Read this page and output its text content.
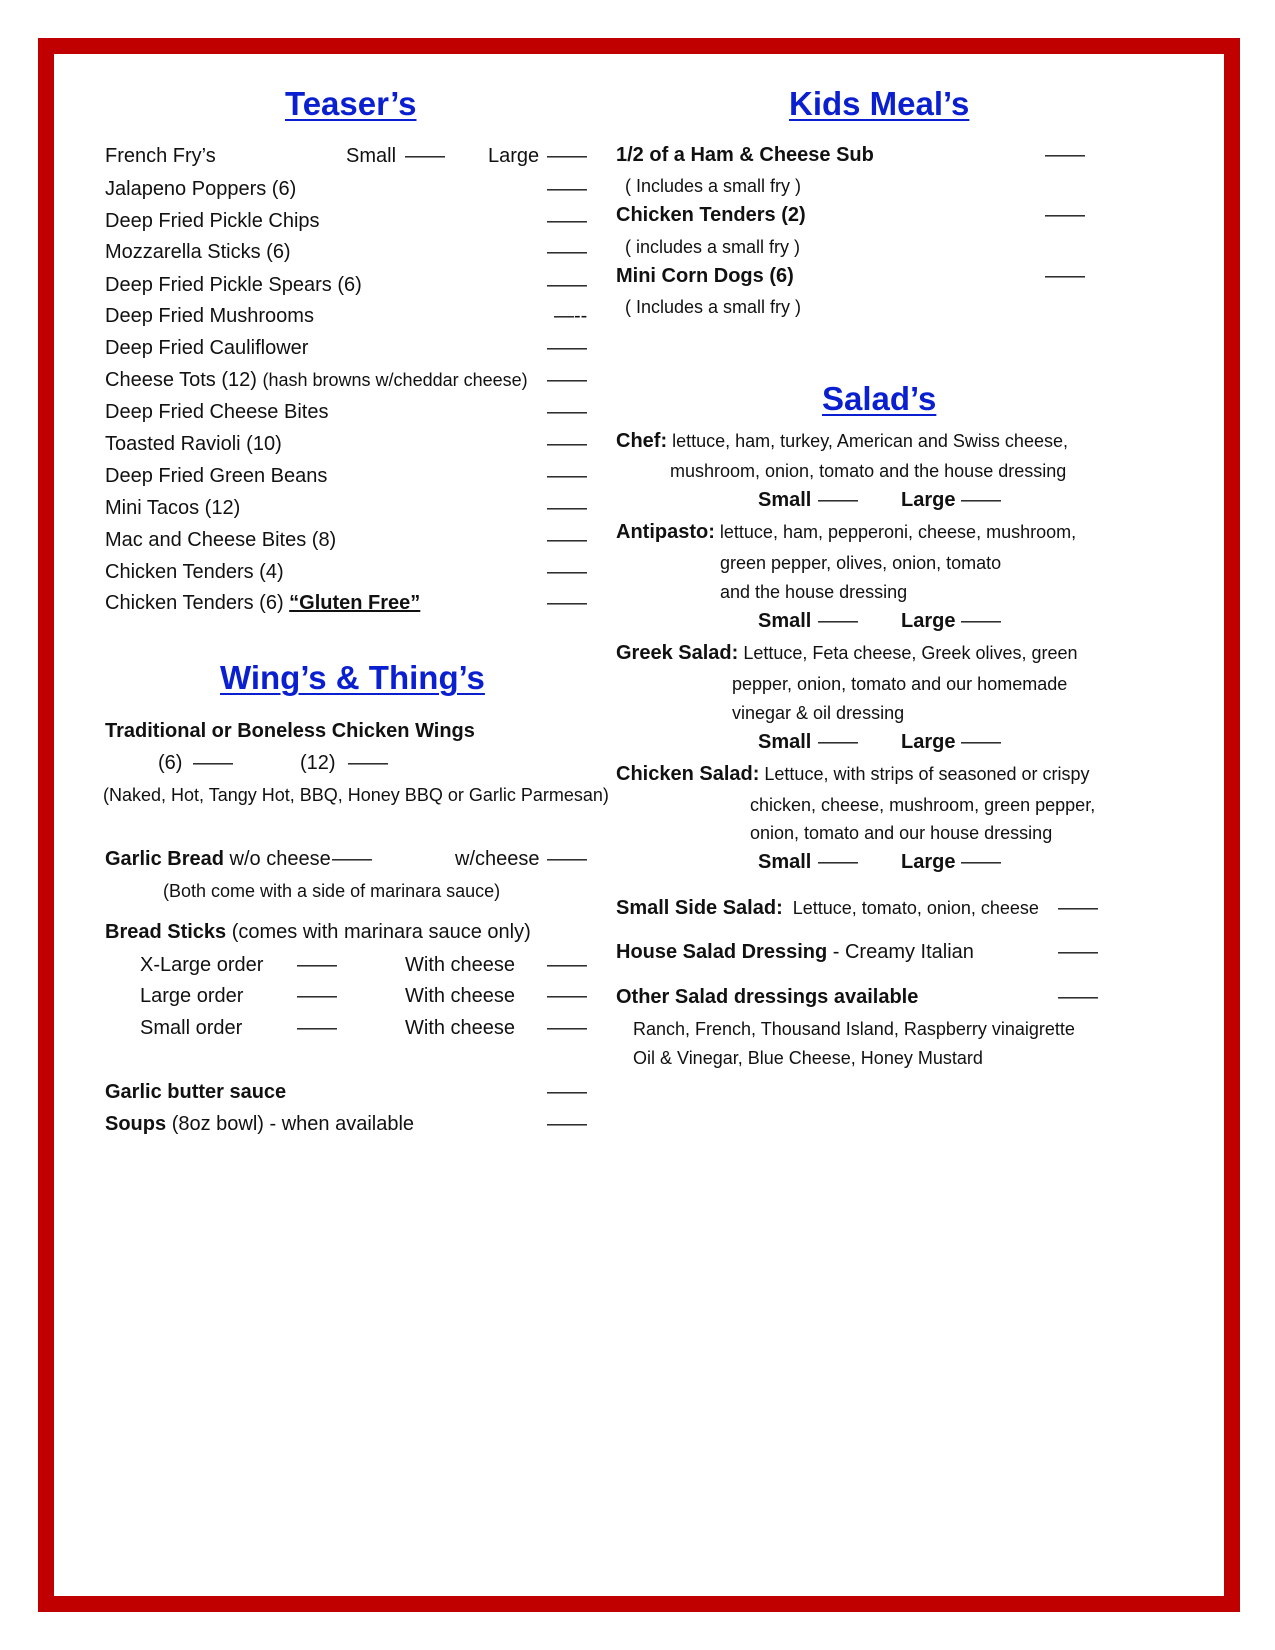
Teaser’s
French Fry’s	Small —— Large ——
Jalapeno Poppers (6)	——
Deep Fried Pickle Chips	——
Mozzarella Sticks (6)	——
Deep Fried Pickle Spears (6)	——
Deep Fried Mushrooms	—--
Deep Fried Cauliflower	——
Cheese Tots (12) (hash browns w/cheddar cheese) ——
Deep Fried Cheese Bites	——
Toasted Ravioli (10)	——
Deep Fried Green Beans	——
Mini Tacos (12)	——
Mac and Cheese Bites (8)	——
Chicken Tenders (4)	——
Chicken Tenders (6) “Gluten Free”	——
Wing’s & Thing’s
Traditional or Boneless Chicken Wings
(6) ——	(12) ——
(Naked, Hot, Tangy Hot, BBQ, Honey BBQ or Garlic Parmesan)
Garlic Bread w/o cheese ——	w/cheese ——
(Both come with a side of marinara sauce)
Bread Sticks (comes with marinara sauce only)
X-Large order ——	With cheese ——
Large order	——	With cheese ——
Small order	——	With cheese ——
Garlic butter sauce	——
Soups (8oz bowl) - when available	——
Kids Meal’s
1/2 of a Ham & Cheese Sub	——
( Includes a small fry )
Chicken Tenders (2)	——
( includes a small fry )
Mini Corn Dogs (6)	——
( Includes a small fry )
Salad’s
Chef: lettuce, ham, turkey, American and Swiss cheese,
mushroom, onion, tomato and the house dressing
Small —— Large ——
Antipasto: lettuce, ham, pepperoni, cheese, mushroom,
green pepper, olives, onion, tomato
and the house dressing
Small —— Large ——
Greek Salad: Lettuce, Feta cheese, Greek olives, green
pepper, onion, tomato and our homemade
vinegar & oil dressing
Small —— Large ——
Chicken Salad: Lettuce, with strips of seasoned or crispy
chicken, cheese, mushroom, green pepper,
onion, tomato and our house dressing
Small —— Large ——
Small Side Salad: Lettuce, tomato, onion, cheese ——
House Salad Dressing - Creamy Italian	——
Other Salad dressings available	——
Ranch, French, Thousand Island, Raspberry vinaigrette
Oil & Vinegar, Blue Cheese, Honey Mustard
